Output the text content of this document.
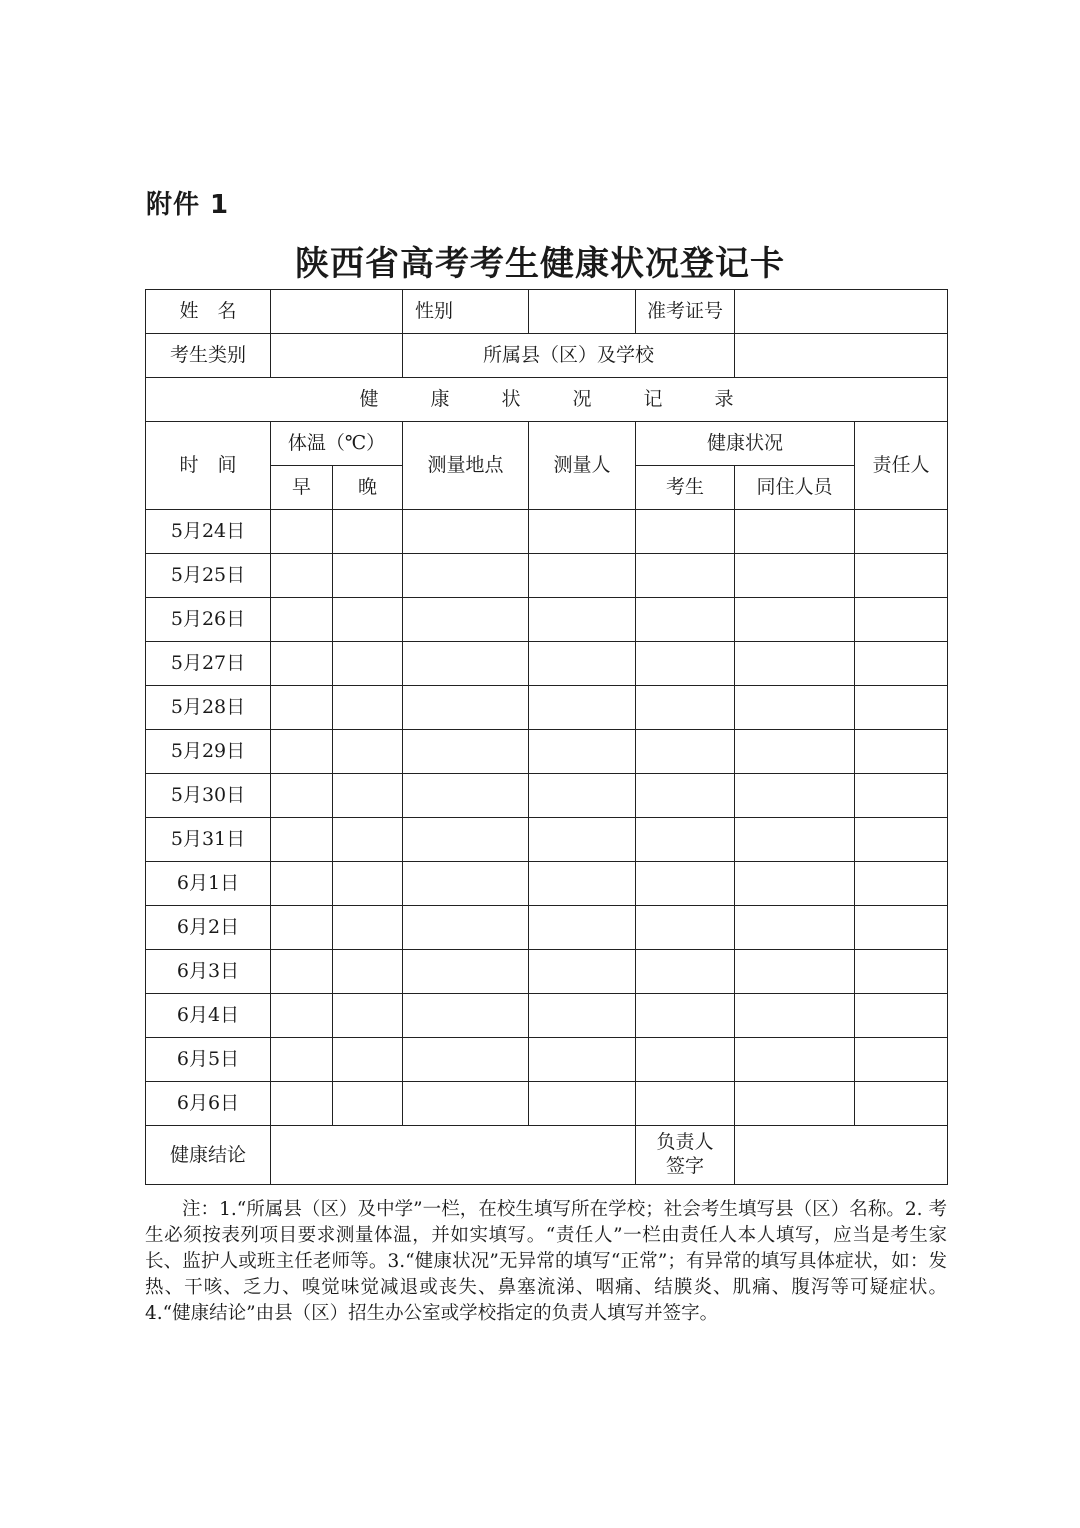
附件 1
陕西省高考考生健康状况登记卡
姓　名			性别		准考证号		
考生类别			所属县（区）及学校				
健康状况记录							
时　间	体温（℃）		测量地点	测量人	健康状况		责任人
	早	晚			考生	同住人员	
5月24日							
5月25日							
5月26日							
5月27日							
5月28日							
5月29日							
5月30日							
5月31日							
6月1日							
6月2日							
6月3日							
6月4日							
6月5日							
6月6日							
健康结论					负责人
签字		

注：1.“所属县（区）及中学”一栏，在校生填写所在学校；社会考生填写县（区）名称。2. 考生必须按表列项目要求测量体温，并如实填写。“责任人”一栏由责任人本人填写，应当是考生家长、监护人或班主任老师等。3.“健康状况”无异常的填写“正常”；有异常的填写具体症状，如：发热、干咳、乏力、嗅觉味觉减退或丧失、鼻塞流涕、咽痛、结膜炎、肌痛、腹泻等可疑症状。4.“健康结论”由县（区）招生办公室或学校指定的负责人填写并签字。
